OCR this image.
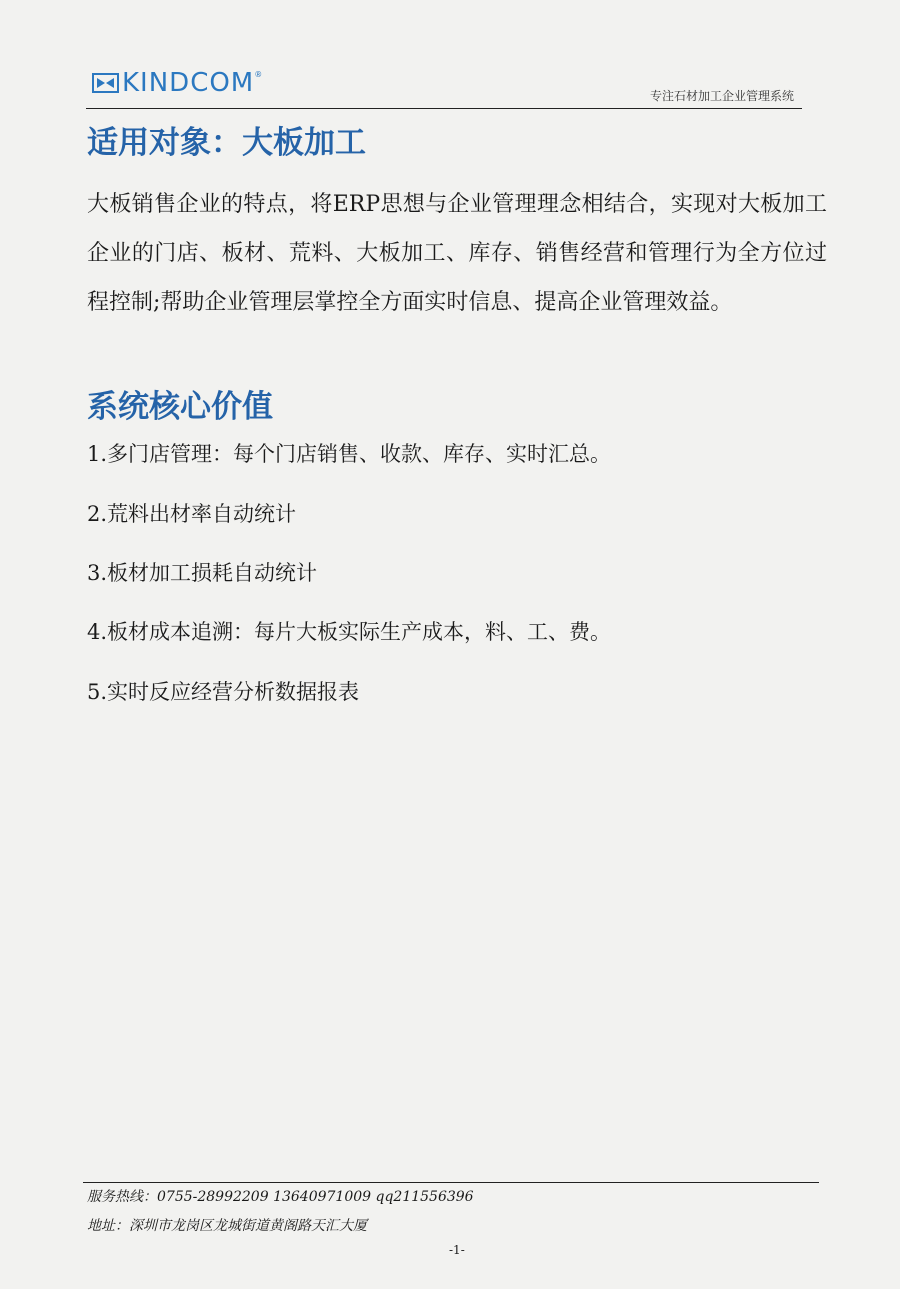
KINDCOM ®
专注石材加工企业管理系统
适用对象：大板加工

大板销售企业的特点，将ERP思想与企业管理理念相结合，实现对大板加工企业的门店、板材、荒料、大板加工、库存、销售经营和管理行为全方位过程控制;帮助企业管理层掌控全方面实时信息、提高企业管理效益。

系统核心价值

1.多门店管理：每个门店销售、收款、库存、实时汇总。

2.荒料出材率自动统计

3.板材加工损耗自动统计

4.板材成本追溯：每片大板实际生产成本，料、工、费。

5.实时反应经营分析数据报表

服务热线：0755-28992209 13640971009 qq211556396

地址：深圳市龙岗区龙城街道黄阁路天汇大厦

-1-
